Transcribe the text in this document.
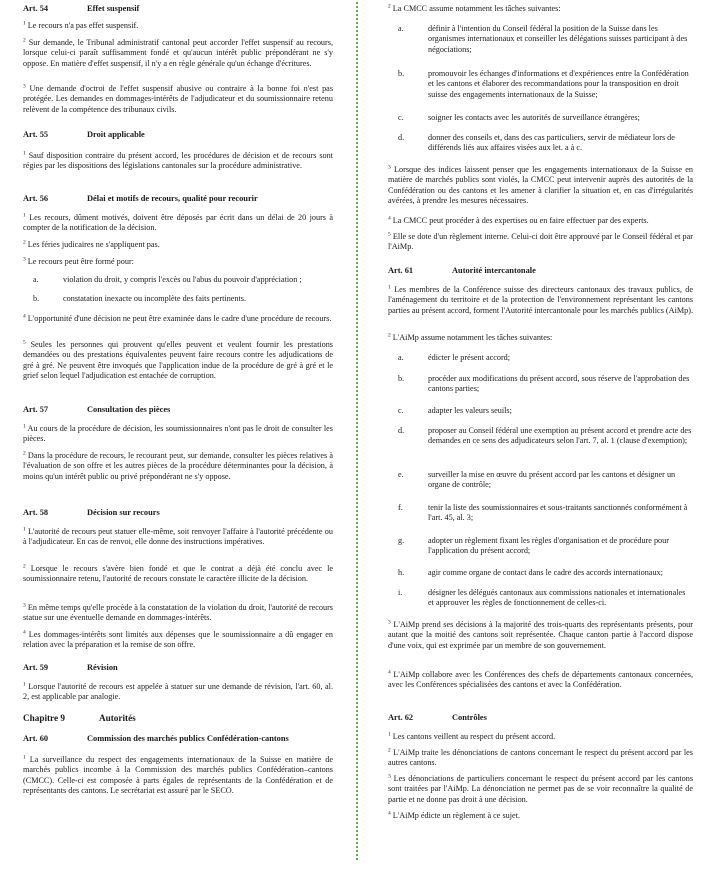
Art. 54	Effet suspensif
$^1$ Le recours n'a pas effet suspensif.
$^2$ Sur demande, le Tribunal administratif cantonal peut accorder l'effet suspensif au recours, lorsque celui-ci paraît suffisamment fondé et qu'aucun intérêt public prépondérant ne s'y oppose. En matière d'effet suspensif, il n'y a en règle générale qu'un échange d'écritures.
$^3$ Une demande d'octroi de l'effet suspensif abusive ou contraire à la bonne foi n'est pas protégée. Les demandes en dommages-intérêts de l'adjudicateur et du soumissionnaire retenu relèvent de la compétence des tribunaux civils.
Art. 55	Droit applicable
$^1$ Sauf disposition contraire du présent accord, les procédures de décision et de recours sont régies par les dispositions des législations cantonales sur la procédure administrative.
Art. 56	Délai et motifs de recours, qualité pour recourir
$^1$ Les recours, dûment motivés, doivent être déposés par écrit dans un délai de 20 jours à compter de la notification de la décision.
$^2$ Les féries judicaires ne s'appliquent pas.
$^3$ Le recours peut être formé pour:
a.	violation du droit, y compris l'excès ou l'abus du pouvoir d'appréciation ;
b.	constatation inexacte ou incomplète des faits pertinents.
$^4$ L'opportunité d'une décision ne peut être examinée dans le cadre d'une procédure de recours.
$^5$ Seules les personnes qui prouvent qu'elles peuvent et veulent fournir les prestations demandées ou des prestations équivalentes peuvent faire recours contre les adjudications de gré à gré. Ne peuvent être invoqués que l'application indue de la procédure de gré à gré et le grief selon lequel l'adjudication est entachée de corruption.
Art. 57	Consultation des pièces
$^1$ Au cours de la procédure de décision, les soumissionnaires n'ont pas le droit de consulter les pièces.
$^2$ Dans la procédure de recours, le recourant peut, sur demande, consulter les pièces relatives à l'évaluation de son offre et les autres pièces de la procédure déterminantes pour la décision, à moins qu'un intérêt public ou privé prépondérant ne s'y oppose.
Art. 58	Décision sur recours
$^1$ L'autorité de recours peut statuer elle-même, soit renvoyer l'affaire à l'autorité précédente ou à l'adjudicateur. En cas de renvoi, elle donne des instructions impératives.
$^2$ Lorsque le recours s'avère bien fondé et que le contrat a déjà été conclu avec le soumissionnaire retenu, l'autorité de recours constate le caractère illicite de la décision.
$^3$ En même temps qu'elle procède à la constatation de la violation du droit, l'autorité de recours statue sur une éventuelle demande en dommages-intérêts.
$^4$ Les dommages-intérêts sont limités aux dépenses que le soumissionnaire a dû engager en relation avec la préparation et la remise de son offre.
Art. 59	Révision
$^1$ Lorsque l'autorité de recours est appelée à statuer sur une demande de révision, l'art. 60, al. 2, est applicable par analogie.
Chapitre 9	Autorités
Art. 60	Commission des marchés publics Confédération-cantons
$^1$ La surveillance du respect des engagements internationaux de la Suisse en matière de marchés publics incombe à la Commission des marchés publics Confédération–cantons (CMCC). Celle-ci est composée à parts égales de représentants de la Confédération et de représentants des cantons. Le secrétariat est assuré par le SECO.
$^2$ La CMCC assume notamment les tâches suivantes:
a.	définir à l'intention du Conseil fédéral la position de la Suisse dans les organismes internationaux et conseiller les délégations suisses participant à des négociations;
b.	promouvoir les échanges d'informations et d'expériences entre la Confédération et les cantons et élaborer des recommandations pour la transposition en droit suisse des engagements internationaux de la Suisse;
c.	soigner les contacts avec les autorités de surveillance étrangères;
d.	donner des conseils et, dans des cas particuliers, servir de médiateur lors de différends liés aux affaires visées aux let. a à c.
$^3$ Lorsque des indices laissent penser que les engagements internationaux de la Suisse en matière de marchés publics sont violés, la CMCC peut intervenir auprès des autorités de la Confédération ou des cantons et les amener à clarifier la situation et, en cas d'irrégularités avérées, à prendre les mesures nécessaires.
$^4$ La CMCC peut procéder à des expertises ou en faire effectuer par des experts.
$^5$ Elle se dote d'un règlement interne. Celui-ci doit être approuvé par le Conseil fédéral et par l'AiMp.
Art. 61	Autorité intercantonale
$^1$ Les membres de la Conférence suisse des directeurs cantonaux des travaux publics, de l'aménagement du territoire et de la protection de l'environnement représentant les cantons parties au présent accord, forment l'Autorité intercantonale pour les marchés publics (AiMp).
$^2$ L'AiMp assume notamment les tâches suivantes:
a.	édicter le présent accord;
b.	procéder aux modifications du présent accord, sous réserve de l'approbation des cantons parties;
c.	adapter les valeurs seuils;
d.	proposer au Conseil fédéral une exemption au présent accord et prendre acte des demandes en ce sens des adjudicateurs selon l'art. 7, al. 1 (clause d'exemption);
e.	surveiller la mise en œuvre du présent accord par les cantons et désigner un organe de contrôle;
f.	tenir la liste des soumissionnaires et sous-traitants sanctionnés conformément à l'art. 45, al. 3;
g.	adopter un règlement fixant les règles d'organisation et de procédure pour l'application du présent accord;
h.	agir comme organe de contact dans le cadre des accords internationaux;
i.	désigner les délégués cantonaux aux commissions nationales et internationales et approuver les règles de fonctionnement de celles-ci.
$^3$ L'AiMp prend ses décisions à la majorité des trois-quarts des représentants présents, pour autant que la moitié des cantons soit représentée. Chaque canton partie à l'accord dispose d'une voix, qui est exprimée par un membre de son gouvernement.
$^4$ L'AiMp collabore avec les Conférences des chefs de départements cantonaux concernées, avec les Conférences spécialisées des cantons et avec la Confédération.
Art. 62	Contrôles
$^1$ Les cantons veillent au respect du présent accord.
$^2$ L'AiMp traite les dénonciations de cantons concernant le respect du présent accord par les autres cantons.
$^3$ Les dénonciations de particuliers concernant le respect du présent accord par les cantons sont traitées par l'AiMp. La dénonciation ne permet pas de se voir reconnaître la qualité de partie et ne donne pas droit à une décision.
$^4$ L'AiMp édicte un règlement à ce sujet.
